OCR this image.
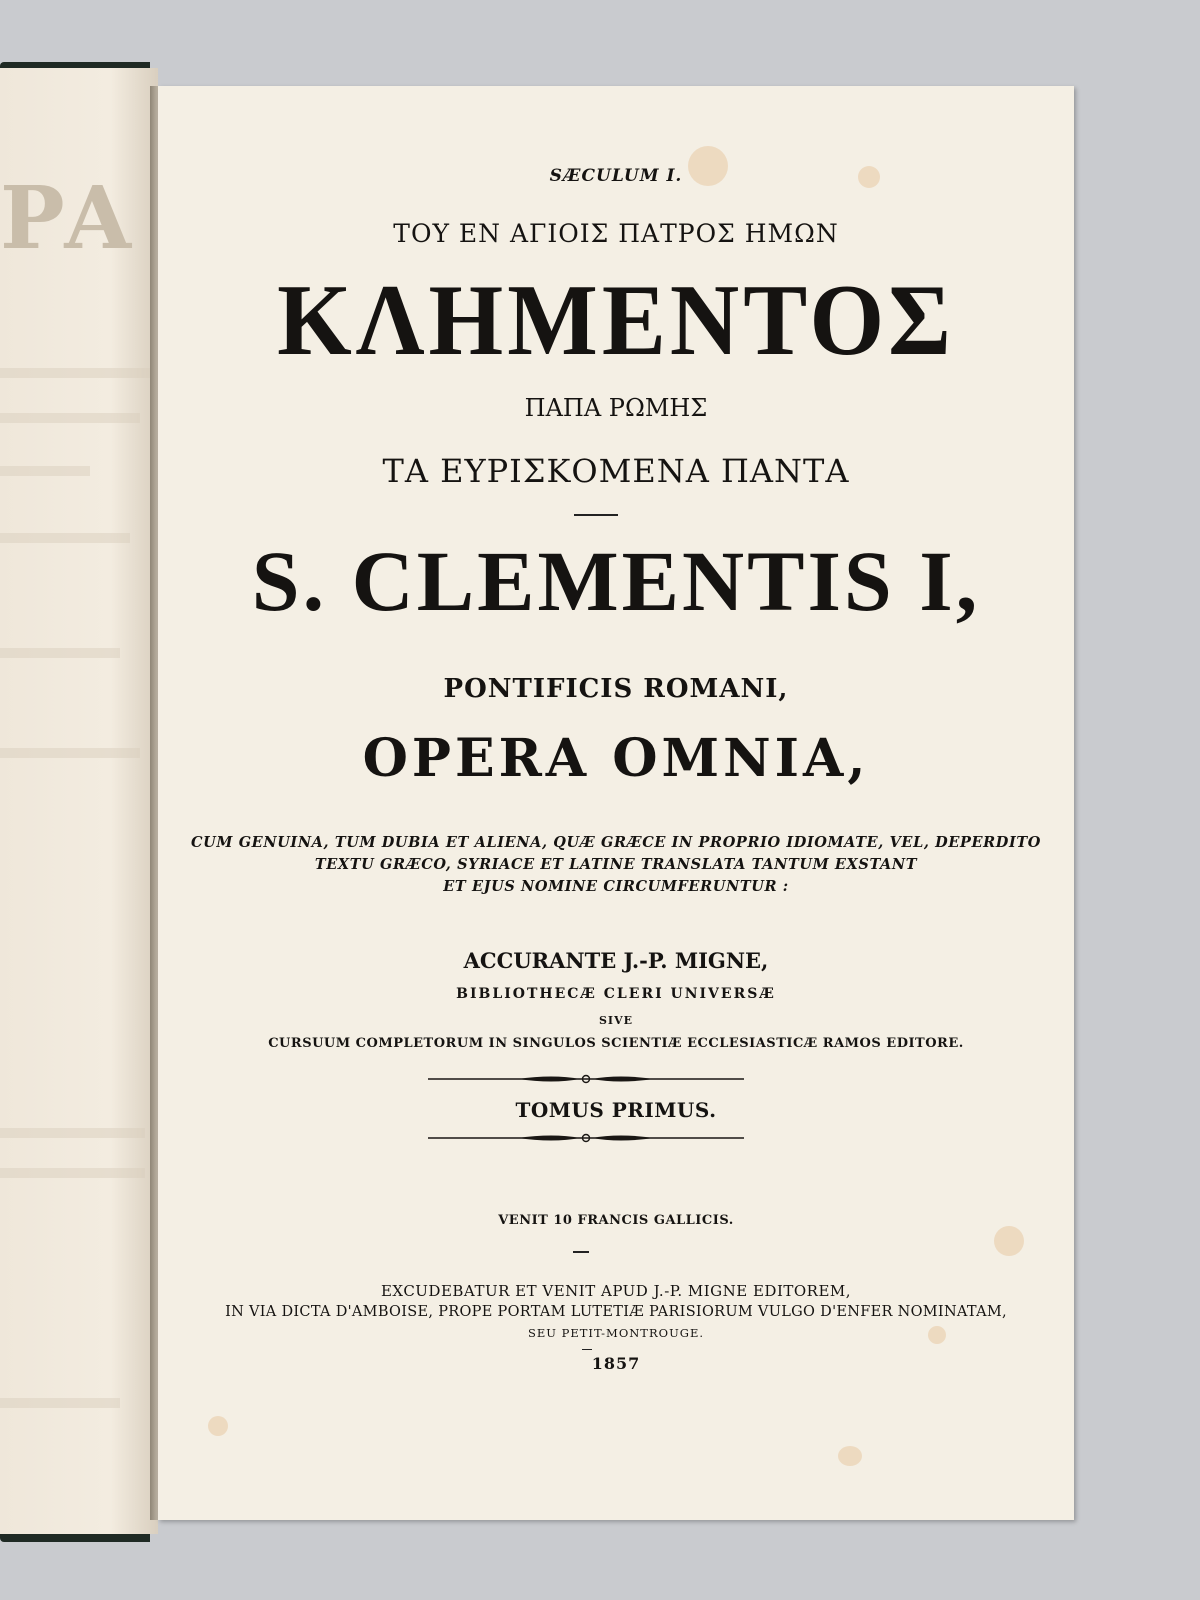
PA	SÆCULUM I.
ΤΟΥ ΕΝ ΑΓΙΟΙΣ ΠΑΤΡΟΣ ΗΜΩΝ
ΚΛΗΜΕΝΤΟΣ
ΠΑΠΑ ΡΩΜΗΣ
ΤΑ ΕΥΡΙΣΚΟΜΕΝΑ ΠΑΝΤΑ
S. CLEMENTIS I,
PONTIFICIS ROMANI,
OPERA OMNIA,
CUM GENUINA, TUM DUBIA ET ALIENA, QUÆ GRÆCE IN PROPRIO IDIOMATE, VEL, DEPERDITO
TEXTU GRÆCO, SYRIACE ET LATINE TRANSLATA TANTUM EXSTANT
ET EJUS NOMINE CIRCUMFERUNTUR :
ACCURANTE J.-P. MIGNE,
BIBLIOTHECÆ CLERI UNIVERSÆ
SIVE
CURSUUM COMPLETORUM IN SINGULOS SCIENTIÆ ECCLESIASTICÆ RAMOS EDITORE.
TOMUS PRIMUS.
VENIT 10 FRANCIS GALLICIS.
EXCUDEBATUR ET VENIT APUD J.-P. MIGNE EDITOREM,
IN VIA DICTA D'AMBOISE, PROPE PORTAM LUTETIÆ PARISIORUM VULGO D'ENFER NOMINATAM,
SEU PETIT-MONTROUGE.
1857
